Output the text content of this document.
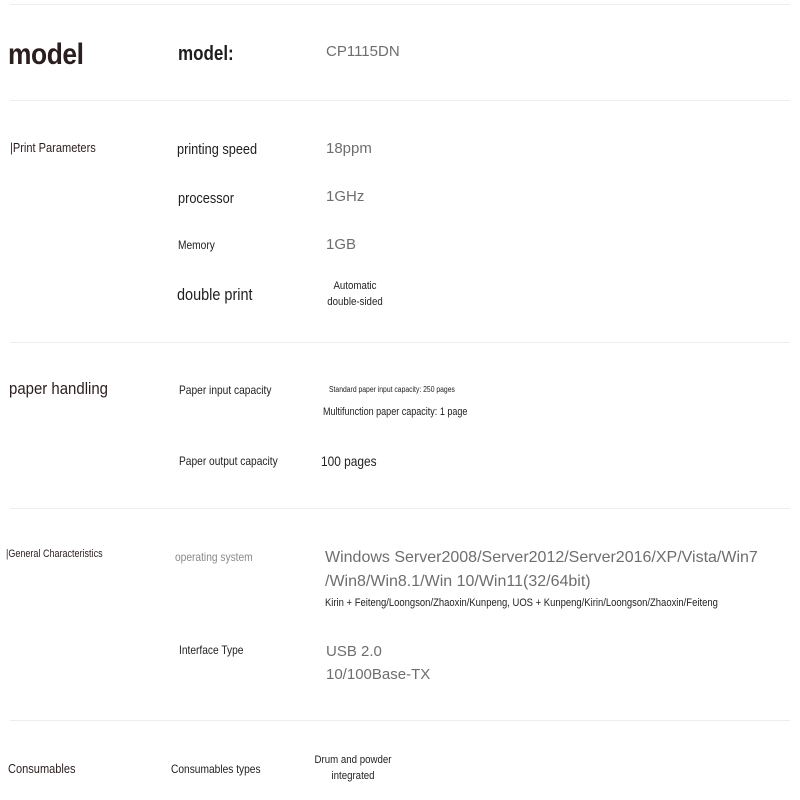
model	model:	CP1115DN
|Print Parameters	printing speed	18ppm
processor	1GHz
Memory	1GB
double print	Automatic
double-sided
paper handling	Paper input capacity	Standard paper input capacity: 250 pages
Multifunction paper capacity: 1 page
Paper output capacity	100 pages
|General Characteristics	operating system	Windows Server2008/Server2012/Server2016/XP/Vista/Win7
/Win8/Win8.1/Win 10/Win11(32/64bit)
Kirin + Feiteng/Loongson/Zhaoxin/Kunpeng, UOS + Kunpeng/Kirin/Loongson/Zhaoxin/Feiteng
Interface Type	USB 2.0
10/100Base-TX
Consumables	Consumables types
Drum and powder
integrated
